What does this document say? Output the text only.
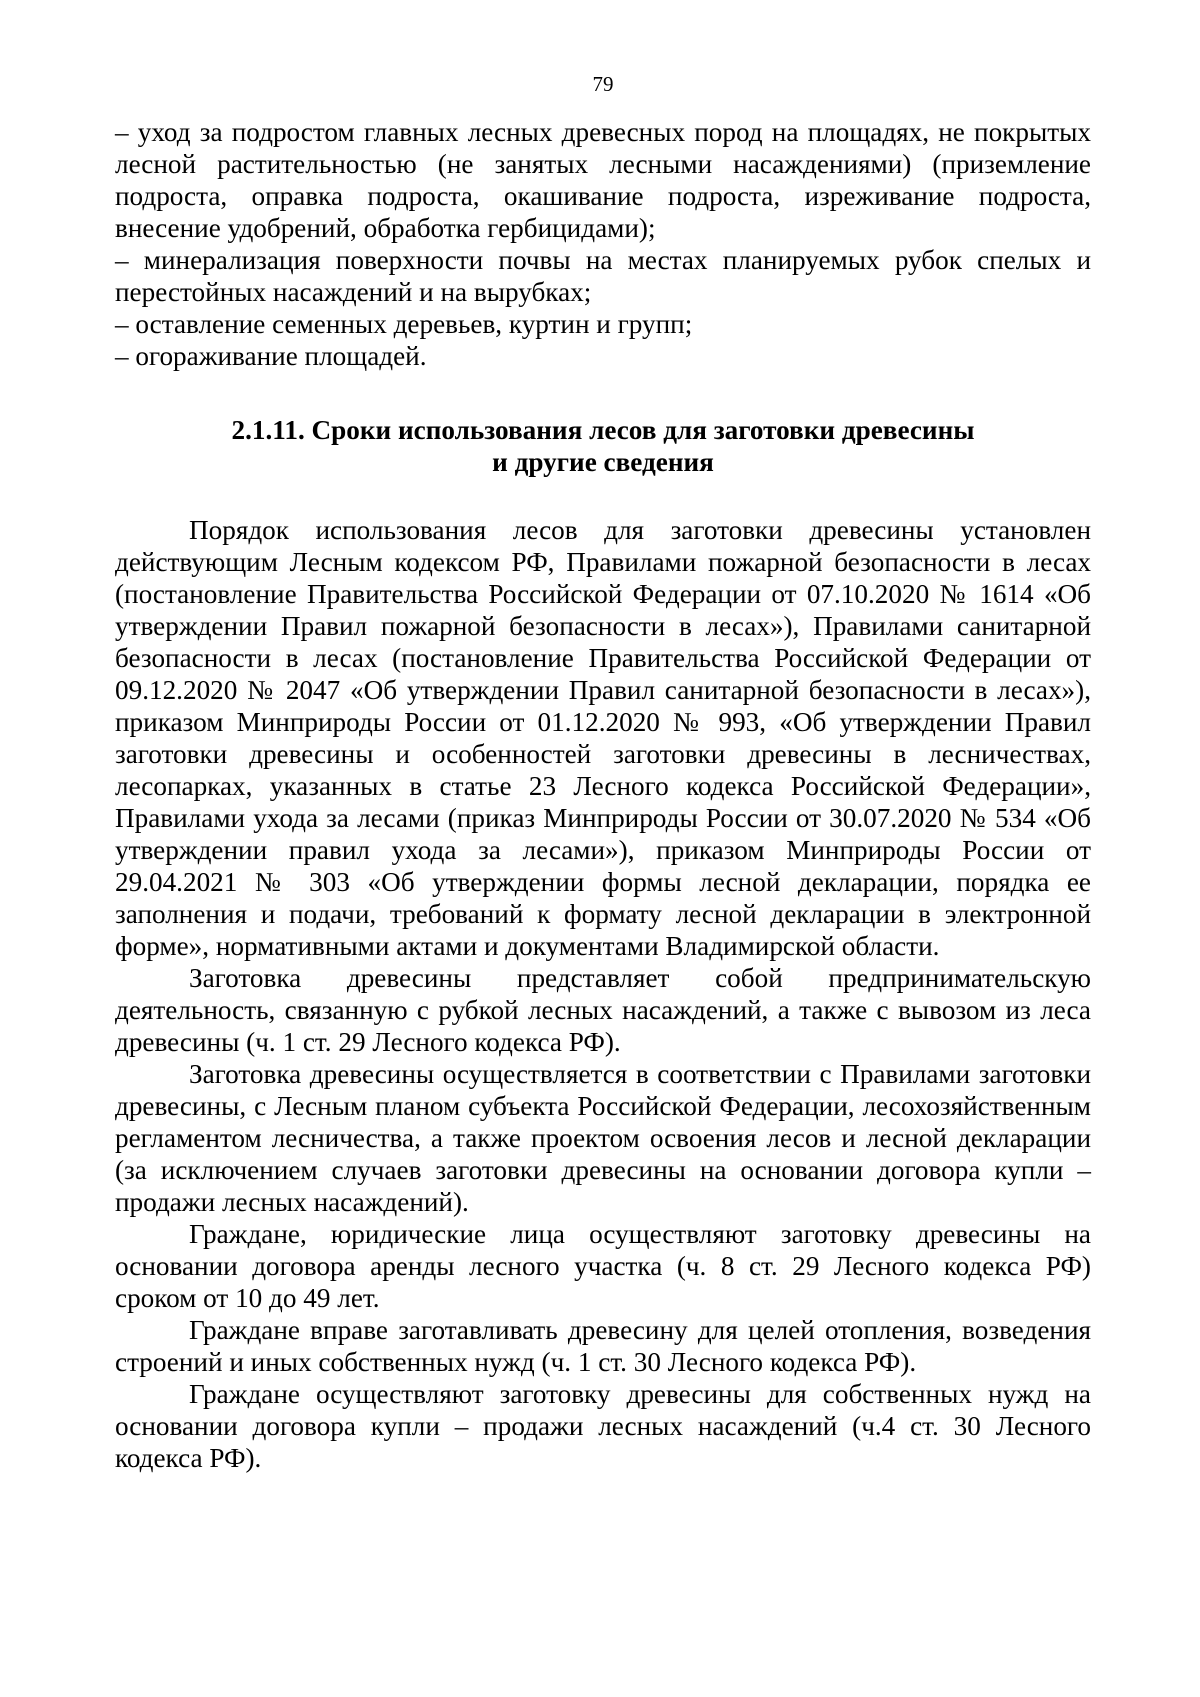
79

– уход за подростом главных лесных древесных пород на площадях, не покрытых лесной растительностью (не занятых лесными насаждениями) (приземление подроста, оправка подроста, окашивание подроста, изреживание подроста, внесение удобрений, обработка гербицидами);

– минерализация поверхности почвы на местах планируемых рубок спелых и перестойных насаждений и на вырубках;

– оставление семенных деревьев, куртин и групп;

– огораживание площадей.

2.1.11. Сроки использования лесов для заготовки древесины
и другие сведения

Порядок использования лесов для заготовки древесины установлен действующим Лесным кодексом РФ, Правилами пожарной безопасности в лесах (постановление Правительства Российской Федерации от 07.10.2020 № 1614 «Об утверждении Правил пожарной безопасности в лесах»), Правилами санитарной безопасности в лесах (постановление Правительства Российской Федерации от 09.12.2020 № 2047 «Об утверждении Правил санитарной безопасности в лесах»), приказом Минприроды России от 01.12.2020 № 993, «Об утверждении Правил заготовки древесины и особенностей заготовки древесины в лесничествах, лесопарках, указанных в статье 23 Лесного кодекса Российской Федерации», Правилами ухода за лесами (приказ Минприроды России от 30.07.2020 № 534 «Об утверждении правил ухода за лесами»), приказом Минприроды России от 29.04.2021 № 303 «Об утверждении формы лесной декларации, порядка ее заполнения и подачи, требований к формату лесной декларации в электронной форме», нормативными актами и документами Владимирской области.

Заготовка древесины представляет собой предпринимательскую деятельность, связанную с рубкой лесных насаждений, а также с вывозом из леса древесины (ч. 1 ст. 29 Лесного кодекса РФ).

Заготовка древесины осуществляется в соответствии с Правилами заготовки древесины, с Лесным планом субъекта Российской Федерации, лесохозяйственным регламентом лесничества, а также проектом освоения лесов и лесной декларации (за исключением случаев заготовки древесины на основании договора купли – продажи лесных насаждений).

Граждане, юридические лица осуществляют заготовку древесины на основании договора аренды лесного участка (ч. 8 ст. 29 Лесного кодекса РФ) сроком от 10 до 49 лет.

Граждане вправе заготавливать древесину для целей отопления, возведения строений и иных собственных нужд (ч. 1 ст. 30 Лесного кодекса РФ).

Граждане осуществляют заготовку древесины для собственных нужд на основании договора купли – продажи лесных насаждений (ч.4 ст. 30 Лесного кодекса РФ).
